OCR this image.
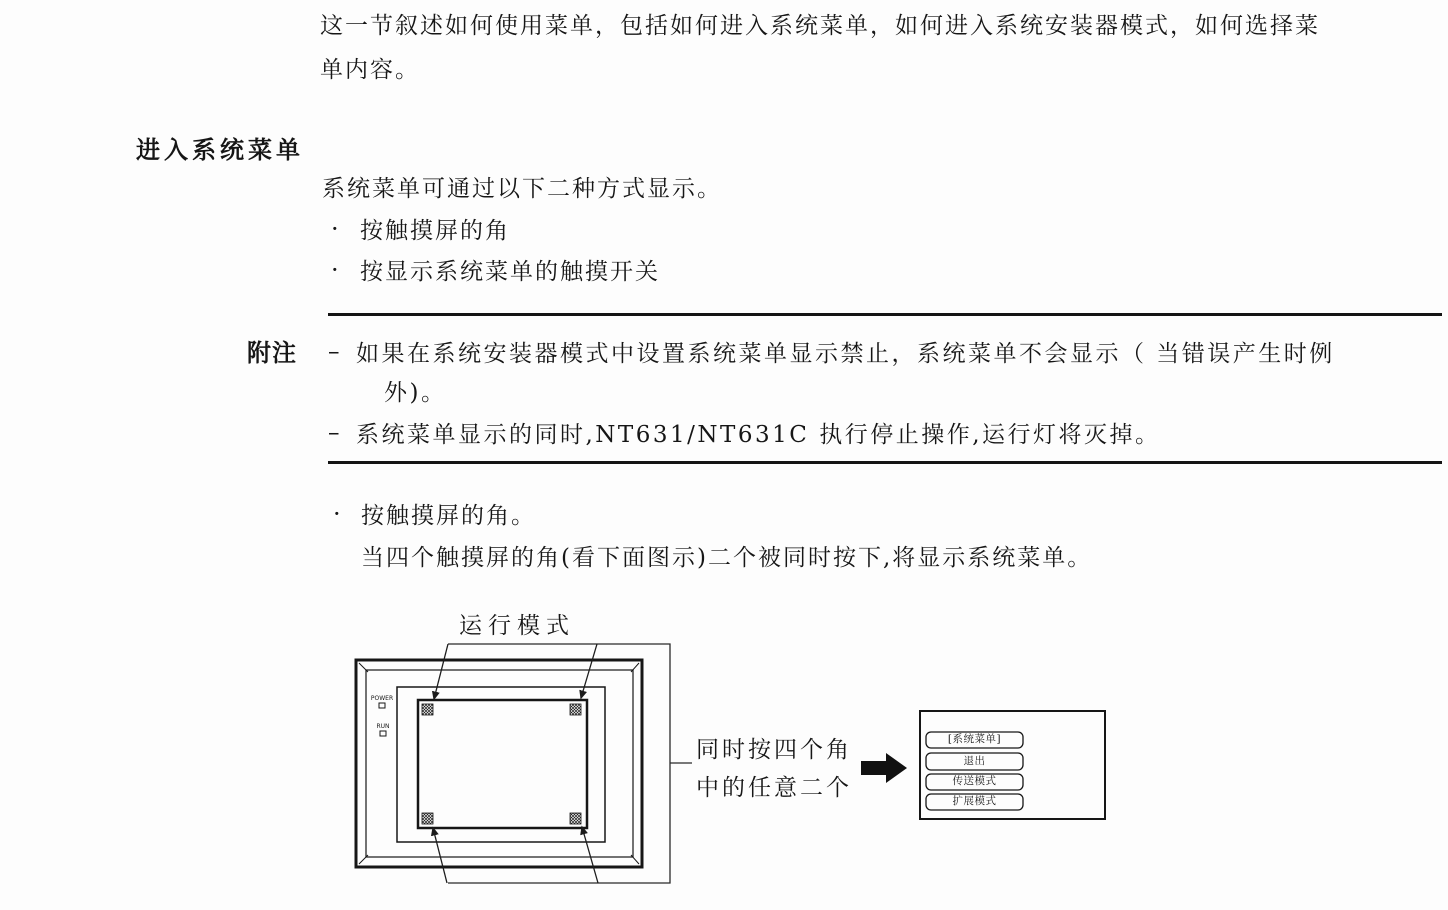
这一节叙述如何使用菜单，包括如何进入系统菜单，如何进入系统安装器模式，如何选择菜
单内容。
进入系统菜单
系统菜单可通过以下二种方式显示。
· 按触摸屏的角
· 按显示系统菜单的触摸开关
附注 – 如果在系统安装器模式中设置系统菜单显示禁止，系统菜单不会显示（ 当错误产生时例
外)。
– 系统菜单显示的同时,NT631/NT631C 执行停止操作,运行灯将灭掉。
· 按触摸屏的角。
当四个触摸屏的角(看下面图示)二个被同时按下,将显示系统菜单。
运行模式
POWER
RUN
同时按四个角
中的任意二个
[系统菜单]
退出
传送模式
扩展模式
